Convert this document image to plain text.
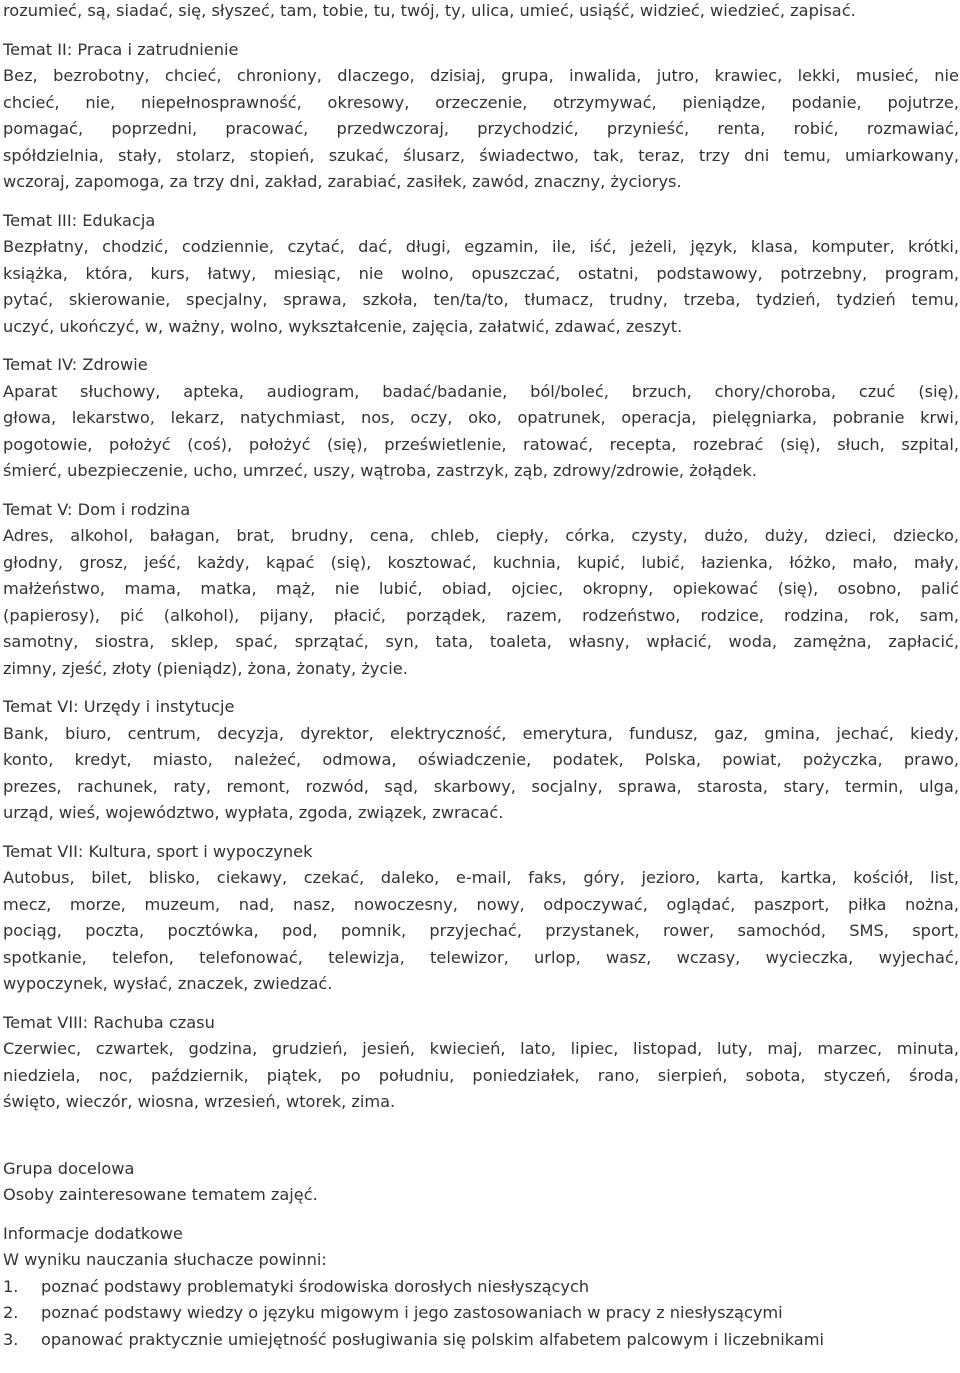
rozumieć, są, siadać, się, słyszeć, tam, tobie, tu, twój, ty, ulica, umieć, usiąść, widzieć, wiedzieć, zapisać.
Temat II: Praca i zatrudnienie
Bez, bezrobotny, chcieć, chroniony, dlaczego, dzisiaj, grupa, inwalida, jutro, krawiec, lekki, musieć, nie
chcieć, nie, niepełnosprawność, okresowy, orzeczenie, otrzymywać, pieniądze, podanie, pojutrze,
pomagać, poprzedni, pracować, przedwczoraj, przychodzić, przynieść, renta, robić, rozmawiać,
spółdzielnia, stały, stolarz, stopień, szukać, ślusarz, świadectwo, tak, teraz, trzy dni temu, umiarkowany,
wczoraj, zapomoga, za trzy dni, zakład, zarabiać, zasiłek, zawód, znaczny, życiorys.
Temat III: Edukacja
Bezpłatny, chodzić, codziennie, czytać, dać, długi, egzamin, ile, iść, jeżeli, język, klasa, komputer, krótki,
książka, która, kurs, łatwy, miesiąc, nie wolno, opuszczać, ostatni, podstawowy, potrzebny, program,
pytać, skierowanie, specjalny, sprawa, szkoła, ten/ta/to, tłumacz, trudny, trzeba, tydzień, tydzień temu,
uczyć, ukończyć, w, ważny, wolno, wykształcenie, zajęcia, załatwić, zdawać, zeszyt.
Temat IV: Zdrowie
Aparat słuchowy, apteka, audiogram, badać/badanie, ból/boleć, brzuch, chory/choroba, czuć (się),
głowa, lekarstwo, lekarz, natychmiast, nos, oczy, oko, opatrunek, operacja, pielęgniarka, pobranie krwi,
pogotowie, położyć (coś), położyć (się), prześwietlenie, ratować, recepta, rozebrać (się), słuch, szpital,
śmierć, ubezpieczenie, ucho, umrzeć, uszy, wątroba, zastrzyk, ząb, zdrowy/zdrowie, żołądek.
Temat V: Dom i rodzina
Adres, alkohol, bałagan, brat, brudny, cena, chleb, ciepły, córka, czysty, dużo, duży, dzieci, dziecko,
głodny, grosz, jeść, każdy, kąpać (się), kosztować, kuchnia, kupić, lubić, łazienka, łóżko, mało, mały,
małżeństwo, mama, matka, mąż, nie lubić, obiad, ojciec, okropny, opiekować (się), osobno, palić
(papierosy), pić (alkohol), pijany, płacić, porządek, razem, rodzeństwo, rodzice, rodzina, rok, sam,
samotny, siostra, sklep, spać, sprzątać, syn, tata, toaleta, własny, wpłacić, woda, zamężna, zapłacić,
zimny, zjeść, złoty (pieniądz), żona, żonaty, życie.
Temat VI: Urzędy i instytucje
Bank, biuro, centrum, decyzja, dyrektor, elektryczność, emerytura, fundusz, gaz, gmina, jechać, kiedy,
konto, kredyt, miasto, należeć, odmowa, oświadczenie, podatek, Polska, powiat, pożyczka, prawo,
prezes, rachunek, raty, remont, rozwód, sąd, skarbowy, socjalny, sprawa, starosta, stary, termin, ulga,
urząd, wieś, województwo, wypłata, zgoda, związek, zwracać.
Temat VII: Kultura, sport i wypoczynek
Autobus, bilet, blisko, ciekawy, czekać, daleko, e-mail, faks, góry, jezioro, karta, kartka, kościół, list,
mecz, morze, muzeum, nad, nasz, nowoczesny, nowy, odpoczywać, oglądać, paszport, piłka nożna,
pociąg, poczta, pocztówka, pod, pomnik, przyjechać, przystanek, rower, samochód, SMS, sport,
spotkanie, telefon, telefonować, telewizja, telewizor, urlop, wasz, wczasy, wycieczka, wyjechać,
wypoczynek, wysłać, znaczek, zwiedzać.
Temat VIII: Rachuba czasu
Czerwiec, czwartek, godzina, grudzień, jesień, kwiecień, lato, lipiec, listopad, luty, maj, marzec, minuta,
niedziela, noc, październik, piątek, po południu, poniedziałek, rano, sierpień, sobota, styczeń, środa,
święto, wieczór, wiosna, wrzesień, wtorek, zima.
Grupa docelowa
Osoby zainteresowane tematem zajęć.
Informacje dodatkowe
W wyniku nauczania słuchacze powinni:
1. poznać podstawy problematyki środowiska dorosłych niesłyszących
2. poznać podstawy wiedzy o języku migowym i jego zastosowaniach w pracy z niesłyszącymi
3. opanować praktycznie umiejętność posługiwania się polskim alfabetem palcowym i liczebnikami
